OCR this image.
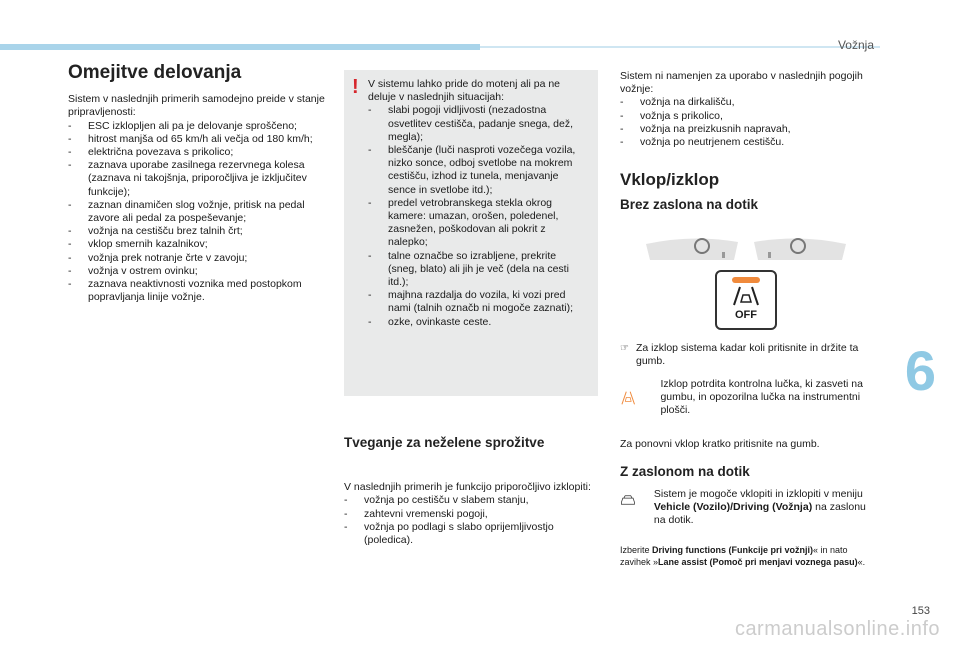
Vožnja
6
153
carmanualsonline.info
Omejitve delovanja

Sistem v naslednjih primerih samodejno preide v stanje pripravljenosti:

- ESC izklopljen ali pa je delovanje sproščeno;
- hitrost manjša od 65 km/h ali večja od 180 km/h;
- električna povezava s prikolico;
- zaznava uporabe zasilnega rezervnega kolesa (zaznava ni takojšnja, priporočljiva je izključitev funkcije);
- zaznan dinamičen slog vožnje, pritisk na pedal zavore ali pedal za pospeševanje;
- vožnja na cestišču brez talnih črt;
- vklop smernih kazalnikov;
- vožnja prek notranje črte v zavoju;
- vožnja v ostrem ovinku;
- zaznava neaktivnosti voznika med postopkom popravljanja linije vožnje.
! V sistemu lahko pride do motenj ali pa ne deluje v naslednjih situacijah:

- slabi pogoji vidljivosti (nezadostna osvetlitev cestišča, padanje snega, dež, megla);
- bleščanje (luči nasproti vozečega vozila, nizko sonce, odboj svetlobe na mokrem cestišču, izhod iz tunela, menjavanje sence in svetlobe itd.);
- predel vetrobranskega stekla okrog kamere: umazan, orošen, poledenel, zasnežen, poškodovan ali pokrit z nalepko;
- talne označbe so izrabljene, prekrite (sneg, blato) ali jih je več (dela na cesti itd.);
- majhna razdalja do vozila, ki vozi pred nami (talnih označb ni mogoče zaznati);
- ozke, ovinkaste ceste.
Tveganje za neželene sprožitve

V naslednjih primerih je funkcijo priporočljivo izklopiti:

- vožnja po cestišču v slabem stanju,
- zahtevni vremenski pogoji,
- vožnja po podlagi s slabo oprijemljivostjo (poledica).

Sistem ni namenjen za uporabo v naslednjih pogojih vožnje:

- vožnja na dirkališču,
- vožnja s prikolico,
- vožnja na preizkusnih napravah,
- vožnja po neutrjenem cestišču.
Vklop/izklop
Brez zaslona na dotik
OFF

☞ Za izklop sistema kadar koli pritisnite in držite ta gumb.

Izklop potrdita kontrolna lučka, ki zasveti na gumbu, in opozorilna lučka na instrumentni plošči.

Za ponovni vklop kratko pritisnite na gumb.

Z zaslonom na dotik

Sistem je mogoče vklopiti in izklopiti v meniju Vehicle (Vozilo)/Driving (Vožnja) na zaslonu na dotik.

Izberite Driving functions (Funkcije pri vožnji)« in nato zavihek »Lane assist (Pomoč pri menjavi voznega pasu)«.
